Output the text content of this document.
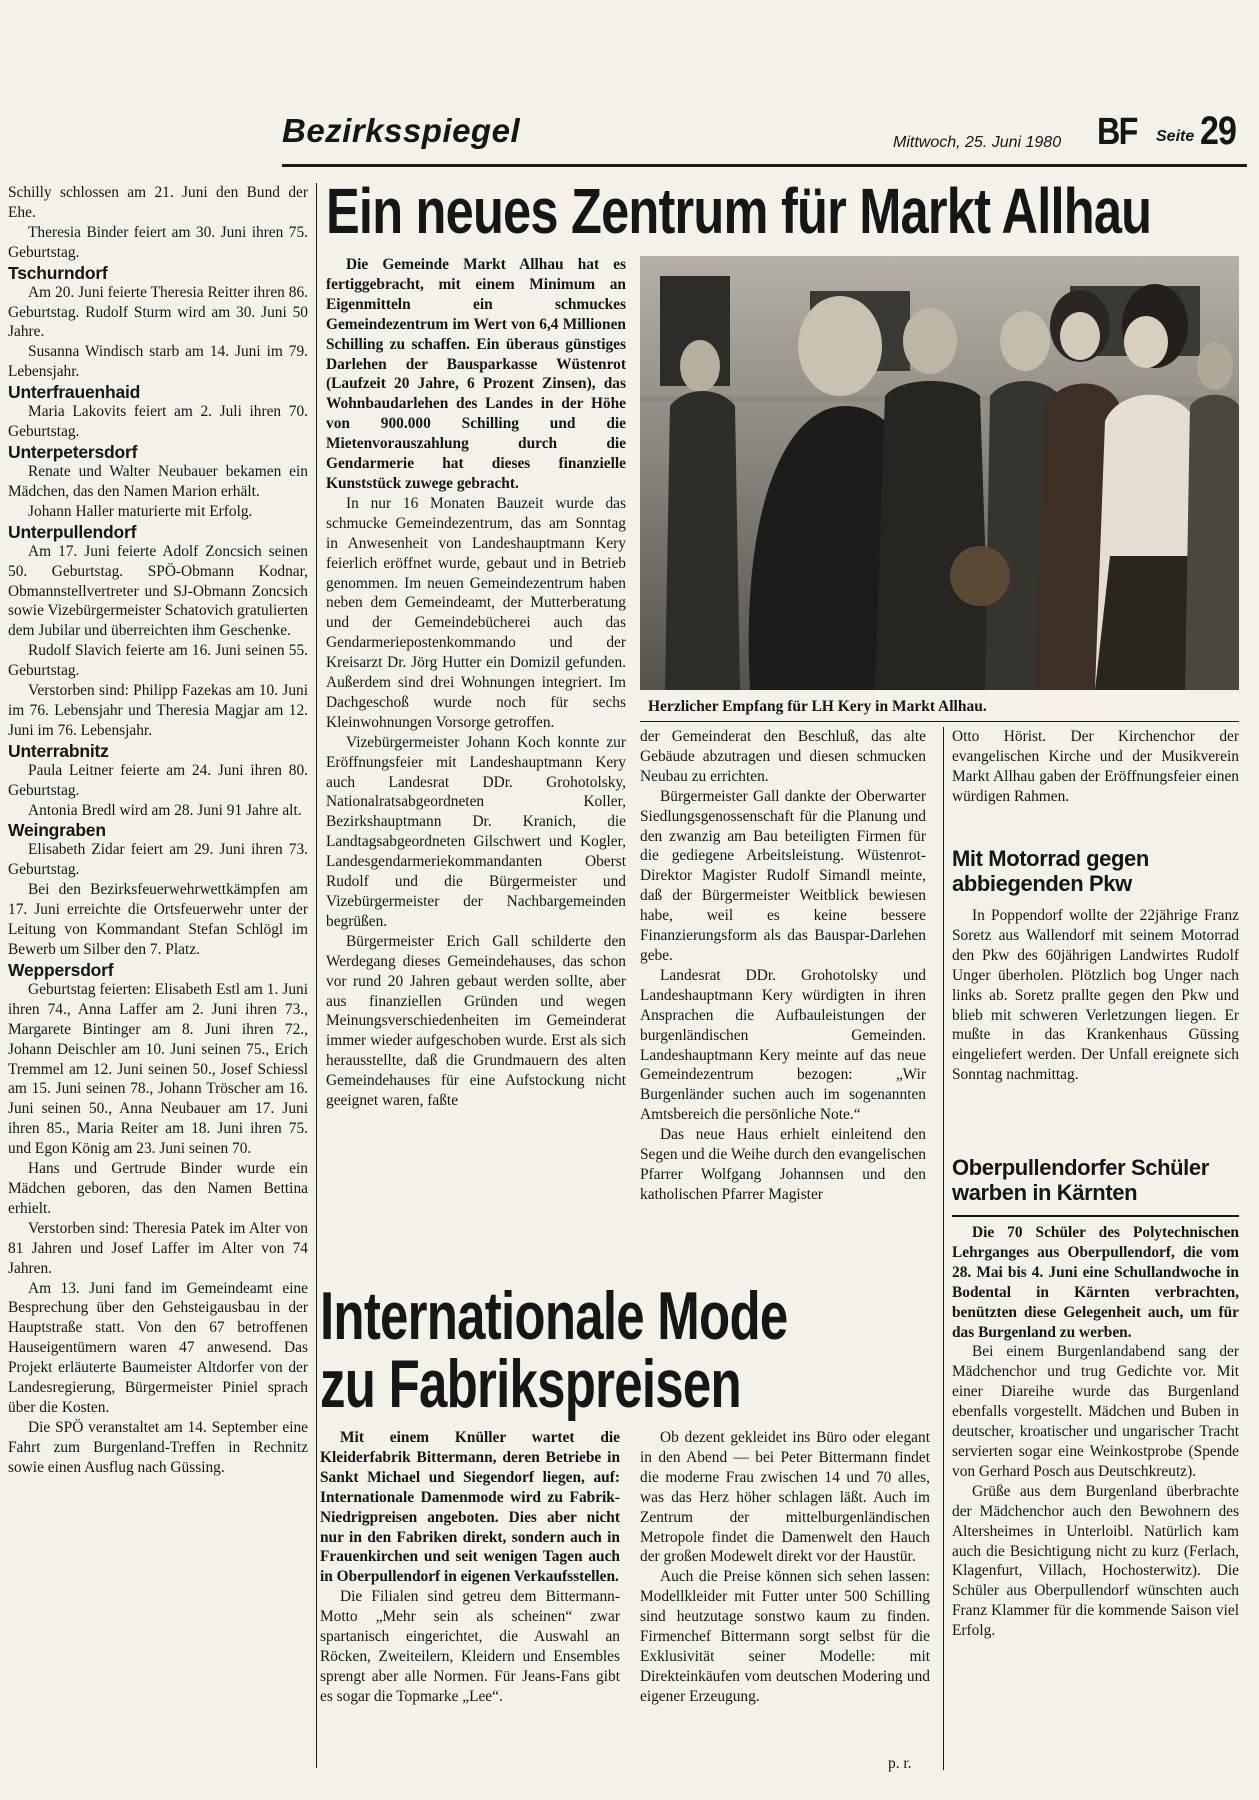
Bezirksspiegel	Mittwoch, 25. Juni 1980 BF Seite 29

Schilly schlossen am 21. Juni den Bund der Ehe.

Theresia Binder feiert am 30. Juni ihren 75. Geburtstag.

Tschurndorf

Am 20. Juni feierte Theresia Reitter ihren 86. Geburtstag. Rudolf Sturm wird am 30. Juni 50 Jahre.

Susanna Windisch starb am 14. Juni im 79. Lebensjahr.

Unterfrauenhaid

Maria Lakovits feiert am 2. Juli ihren 70. Geburtstag.

Unterpetersdorf

Renate und Walter Neubauer bekamen ein Mädchen, das den Namen Marion erhält.

Johann Haller maturierte mit Erfolg.

Unterpullendorf

Am 17. Juni feierte Adolf Zoncsich seinen 50. Geburtstag. SPÖ-Obmann Kodnar, Obmannstellvertreter und SJ-Obmann Zoncsich sowie Vizebürgermeister Schatovich gratulierten dem Jubilar und überreichten ihm Geschenke.

Rudolf Slavich feierte am 16. Juni seinen 55. Geburtstag.

Verstorben sind: Philipp Fazekas am 10. Juni im 76. Lebensjahr und Theresia Magjar am 12. Juni im 76. Lebensjahr.

Unterrabnitz

Paula Leitner feierte am 24. Juni ihren 80. Geburtstag.

Antonia Bredl wird am 28. Juni 91 Jahre alt.

Weingraben

Elisabeth Zidar feiert am 29. Juni ihren 73. Geburtstag.

Bei den Bezirksfeuerwehrwettkämpfen am 17. Juni erreichte die Ortsfeuerwehr unter der Leitung von Kommandant Stefan Schlögl im Bewerb um Silber den 7. Platz.

Weppersdorf

Geburtstag feierten: Elisabeth Estl am 1. Juni ihren 74., Anna Laffer am 2. Juni ihren 73., Margarete Bintinger am 8. Juni ihren 72., Johann Deischler am 10. Juni seinen 75., Erich Tremmel am 12. Juni seinen 50., Josef Schiessl am 15. Juni seinen 78., Johann Tröscher am 16. Juni seinen 50., Anna Neubauer am 17. Juni ihren 85., Maria Reiter am 18. Juni ihren 75. und Egon König am 23. Juni seinen 70.

Hans und Gertrude Binder wurde ein Mädchen geboren, das den Namen Bettina erhielt.

Verstorben sind: Theresia Patek im Alter von 81 Jahren und Josef Laffer im Alter von 74 Jahren.

Am 13. Juni fand im Gemeindeamt eine Besprechung über den Gehsteigausbau in der Hauptstraße statt. Von den 67 betroffenen Hauseigentümern waren 47 anwesend. Das Projekt erläuterte Baumeister Altdorfer von der Landesregierung, Bürgermeister Piniel sprach über die Kosten.

Die SPÖ veranstaltet am 14. September eine Fahrt zum Burgenland-Treffen in Rechnitz sowie einen Ausflug nach Güssing.

Ein neues Zentrum für Markt Allhau

Die Gemeinde Markt Allhau hat es fertiggebracht, mit einem Minimum an Eigenmitteln ein schmuckes Gemeindezentrum im Wert von 6,4 Millionen Schilling zu schaffen. Ein überaus günstiges Darlehen der Bausparkasse Wüstenrot (Laufzeit 20 Jahre, 6 Prozent Zinsen), das Wohnbaudarlehen des Landes in der Höhe von 900.000 Schilling und die Mietenvorauszahlung durch die Gendarmerie hat dieses finanzielle Kunststück zuwege gebracht.

In nur 16 Monaten Bauzeit wurde das schmucke Gemeindezentrum, das am Sonntag in Anwesenheit von Landeshauptmann Kery feierlich eröffnet wurde, gebaut und in Betrieb genommen. Im neuen Gemeindezentrum haben neben dem Gemeindeamt, der Mutterberatung und der Gemeindebücherei auch das Gendarmeriepostenkommando und der Kreisarzt Dr. Jörg Hutter ein Domizil gefunden. Außerdem sind drei Wohnungen integriert. Im Dachgeschoß wurde noch für sechs Kleinwohnungen Vorsorge getroffen.

Vizebürgermeister Johann Koch konnte zur Eröffnungsfeier mit Landeshauptmann Kery auch Landesrat DDr. Grohotolsky, Nationalratsabgeordneten Koller, Bezirkshauptmann Dr. Kranich, die Landtagsabgeordneten Gilschwert und Kogler, Landesgendarmeriekommandanten Oberst Rudolf und die Bürgermeister und Vizebürgermeister der Nachbargemeinden begrüßen.

Bürgermeister Erich Gall schilderte den Werdegang dieses Gemeindehauses, das schon vor rund 20 Jahren gebaut werden sollte, aber aus finanziellen Gründen und wegen Meinungsverschiedenheiten im Gemeinderat immer wieder aufgeschoben wurde. Erst als sich herausstellte, daß die Grundmauern des alten Gemeindehauses für eine Aufstockung nicht geeignet waren, faßte

Herzlicher Empfang für LH Kery in Markt Allhau.

der Gemeinderat den Beschluß, das alte Gebäude abzutragen und diesen schmucken Neubau zu errichten.

Bürgermeister Gall dankte der Oberwarter Siedlungsgenossenschaft für die Planung und den zwanzig am Bau beteiligten Firmen für die gediegene Arbeitsleistung. Wüstenrot-Direktor Magister Rudolf Simandl meinte, daß der Bürgermeister Weitblick bewiesen habe, weil es keine bessere Finanzierungsform als das Bauspar-Darlehen gebe.

Landesrat DDr. Grohotolsky und Landeshauptmann Kery würdigten in ihren Ansprachen die Aufbauleistungen der burgenländischen Gemeinden. Landeshauptmann Kery meinte auf das neue Gemeindezentrum bezogen: „Wir Burgenländer suchen auch im sogenannten Amtsbereich die persönliche Note.“

Das neue Haus erhielt einleitend den Segen und die Weihe durch den evangelischen Pfarrer Wolfgang Johannsen und den katholischen Pfarrer Magister

Otto Hörist. Der Kirchenchor der evangelischen Kirche und der Musikverein Markt Allhau gaben der Eröffnungsfeier einen würdigen Rahmen.

Mit Motorrad gegen abbiegenden Pkw

In Poppendorf wollte der 22jährige Franz Soretz aus Wallendorf mit seinem Motorrad den Pkw des 60jährigen Landwirtes Rudolf Unger überholen. Plötzlich bog Unger nach links ab. Soretz prallte gegen den Pkw und blieb mit schweren Verletzungen liegen. Er mußte in das Krankenhaus Güssing eingeliefert werden. Der Unfall ereignete sich Sonntag nachmittag.

Oberpullendorfer Schüler warben in Kärnten

Die 70 Schüler des Polytechnischen Lehrganges aus Oberpullendorf, die vom 28. Mai bis 4. Juni eine Schullandwoche in Bodental in Kärnten verbrachten, benützten diese Gelegenheit auch, um für das Burgenland zu werben.

Bei einem Burgenlandabend sang der Mädchenchor und trug Gedichte vor. Mit einer Diareihe wurde das Burgenland ebenfalls vorgestellt. Mädchen und Buben in deutscher, kroatischer und ungarischer Tracht servierten sogar eine Weinkostprobe (Spende von Gerhard Posch aus Deutschkreutz).

Grüße aus dem Burgenland überbrachte der Mädchenchor auch den Bewohnern des Altersheimes in Unterloibl. Natürlich kam auch die Besichtigung nicht zu kurz (Ferlach, Klagenfurt, Villach, Hochosterwitz). Die Schüler aus Oberpullendorf wünschten auch Franz Klammer für die kommende Saison viel Erfolg.

Internationale Mode
zu Fabrikspreisen

Mit einem Knüller wartet die Kleiderfabrik Bittermann, deren Betriebe in Sankt Michael und Siegendorf liegen, auf: Internationale Damenmode wird zu Fabrik-Niedrigpreisen angeboten. Dies aber nicht nur in den Fabriken direkt, sondern auch in Frauenkirchen und seit wenigen Tagen auch in Oberpullendorf in eigenen Verkaufsstellen.

Die Filialen sind getreu dem Bittermann-Motto „Mehr sein als scheinen“ zwar spartanisch eingerichtet, die Auswahl an Röcken, Zweiteilern, Kleidern und Ensembles sprengt aber alle Normen. Für Jeans-Fans gibt es sogar die Topmarke „Lee“.

Ob dezent gekleidet ins Büro oder elegant in den Abend — bei Peter Bittermann findet die moderne Frau zwischen 14 und 70 alles, was das Herz höher schlagen läßt. Auch im Zentrum der mittelburgenländischen Metropole findet die Damenwelt den Hauch der großen Modewelt direkt vor der Haustür.

Auch die Preise können sich sehen lassen: Modellkleider mit Futter unter 500 Schilling sind heutzutage sonstwo kaum zu finden. Firmenchef Bittermann sorgt selbst für die Exklusivität seiner Modelle: mit Direkteinkäufen vom deutschen Modering und eigener Erzeugung.

p. r.
